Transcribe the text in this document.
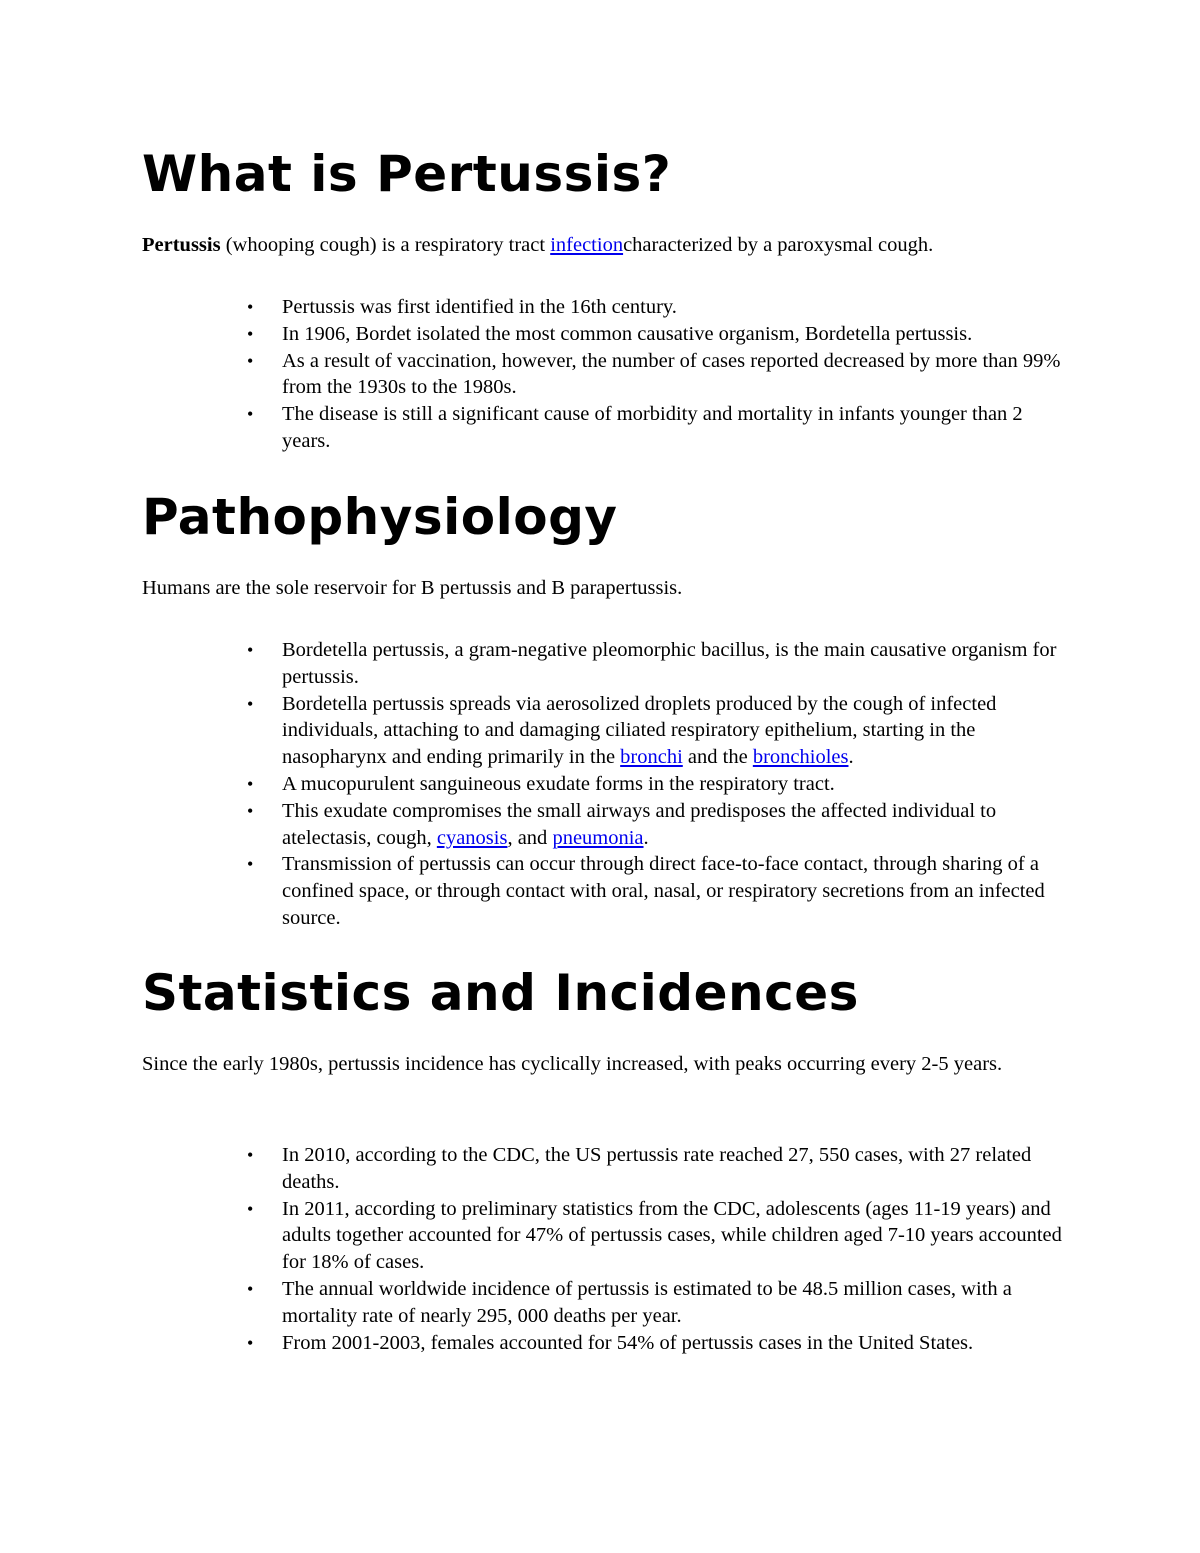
What is Pertussis?

Pertussis (whooping cough) is a respiratory tract infectioncharacterized by a paroxysmal cough.

• Pertussis was first identified in the 16th century.
• In 1906, Bordet isolated the most common causative organism, Bordetella pertussis.
• As a result of vaccination, however, the number of cases reported decreased by more than 99% from the 1930s to the 1980s.
• The disease is still a significant cause of morbidity and mortality in infants younger than 2 years.
Pathophysiology

Humans are the sole reservoir for B pertussis and B parapertussis.

• Bordetella pertussis, a gram-negative pleomorphic bacillus, is the main causative organism for pertussis.
• Bordetella pertussis spreads via aerosolized droplets produced by the cough of infected individuals, attaching to and damaging ciliated respiratory epithelium, starting in the nasopharynx and ending primarily in the bronchi and the bronchioles.
• A mucopurulent sanguineous exudate forms in the respiratory tract.
• This exudate compromises the small airways and predisposes the affected individual to atelectasis, cough, cyanosis, and pneumonia.
• Transmission of pertussis can occur through direct face-to-face contact, through sharing of a confined space, or through contact with oral, nasal, or respiratory secretions from an infected source.
Statistics and Incidences

Since the early 1980s, pertussis incidence has cyclically increased, with peaks occurring every 2-5 years.

• In 2010, according to the CDC, the US pertussis rate reached 27, 550 cases, with 27 related deaths.
• In 2011, according to preliminary statistics from the CDC, adolescents (ages 11-19 years) and adults together accounted for 47% of pertussis cases, while children aged 7-10 years accounted for 18% of cases.
• The annual worldwide incidence of pertussis is estimated to be 48.5 million cases, with a mortality rate of nearly 295, 000 deaths per year.
• From 2001-2003, females accounted for 54% of pertussis cases in the United States.
